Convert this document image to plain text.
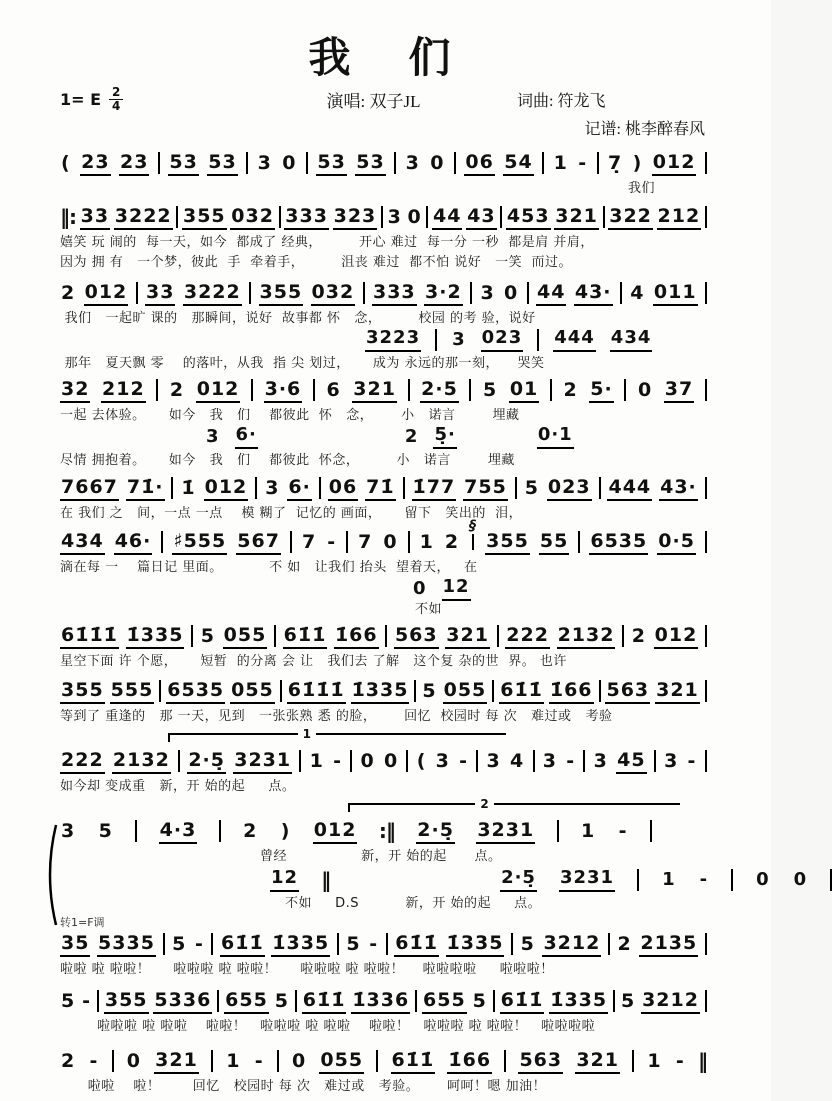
我　们
1= E $\frac{2}{4}$	演唱: 双子JL	词曲: 符龙飞
记谱: 桃李醉春风
( 23 23 53 53 3 0 53 53 3 0 06 54 1 - 7̣ ) 012
我们
‖: 33 3222 355 032 333 323 3 0 44 43 453 321 322 212
嬉笑 玩 闹的  每一天，如今  都成了 经典，        开心 难过  每一分 一秒  都是肩 并肩，
因为 拥 有   一个梦，彼此  手  牵着手，        沮丧 难过  都不怕 说好   一笑  而过。
2 012 33 3222 355 032 333 3·2 3 0 44 43· 4 011
我们   一起旷 课的   那瞬间，说好  故事都 怀   念，        校园 的考 验，说好
3223 3 023 444 434
那年   夏天飘 零    的落叶，从我  指 尖 划过，     成为 永远的那一刻，    哭笑
32 212 2 012 3·6 6 321 2·5 5 01 2 5· 0 37
一起 去体验。     如今   我   们    都彼此  怀   念，      小   诺言        埋藏
3 6·	2 5̣·	0·1
尽情 拥抱着。     如今   我   们    都彼此  怀念，        小   诺言        埋藏
7667 71̇· 1̇ 012 3 6· 06 71̇ 1̇77 755 5 023 444 43·
在 我们 之   间，一点 一点    模 糊了  记忆的 画面，     留下   笑出的  泪，
434 46· ♯555 567 7 - 7 0 1 2
§
355 55 6535 0·5
滴在每 一    篇日记 里面。          不 如   让我们 抬头  望着天，   在
0 12
不如
61̇1̇1̇ 1̇335 5 055 61̇1̇ 1̇66 563 321 222 2132 2 012
星空下面 许 个愿，     短暂  的分离 会 让   我们去 了解   这个复 杂的世  界。 也许
355 555 6535 055 61̇1̇1̇ 1̇335 5 055 61̇1̇ 1̇66 563 321
等到了 重逢的   那 一天，见到   一张张熟 悉 的脸，      回忆  校园时 每 次   难过或   考验
1
222 2132 2·5̣ 3231 1 - 0 0 ( 3 - 3 4 3 - 3 45 3 -
如今却 变成重   新，开 始的起     点。
2
3 5 4·3 2 ) 012 :‖ 2·5̣ 3231 1 -
曾经                新，开 始的起      点。
12 ‖	2·5̣ 3231	1 -	0 0
不如     D.S          新，开 始的起     点。
转1=F调
35 5335 5 - 61̇1̇ 1̇335 5 - 61̇1̇ 1̇335 5 3212 2 2135
啦啦 啦 啦啦！     啦啦啦 啦 啦啦！     啦啦啦 啦 啦啦！    啦啦啦啦     啦啦啦！
5 - 355 5336 655 5 61̇1̇ 1̇336 655 5 61̇1̇ 1̇335 5 3212
啦啦啦 啦 啦啦    啦啦！   啦啦啦 啦 啦啦    啦啦！   啦啦啦 啦 啦啦！   啦啦啦啦
2 - 0 321 1 - 0 055 61̇1̇ 1̇66 563 321 1 - ‖
啦啦    啦！       回忆   校园时 每 次   难过或   考验。      呵呵！嗯 加油！
